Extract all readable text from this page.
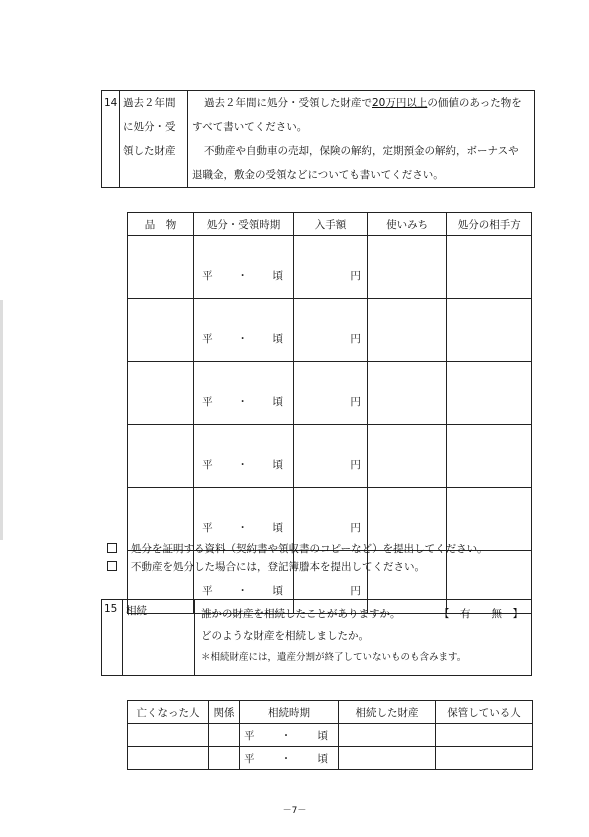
14	過去２年間
に処分・受
領した財産

過去２年間に処分・受領した財産で20万円以上の価値のあった物を
すべて書いてください。
不動産や自動車の売却，保険の解約，定期預金の解約，ボーナスや
退職金，敷金の受領などについても書いてください。
品　物	処分・受領時期	入手額	使いみち	処分の相手方

	平 ・ 頃	円		

	平 ・ 頃	円		

	平 ・ 頃	円		

	平 ・ 頃	円		

	平 ・ 頃	円		

	平 ・ 頃	円		
処分を証明する資料（契約書や領収書のコピーなど）を提出してください。
不動産を処分した場合には，登記簿謄本を提出してください。
15	相続	誰かの財産を相続したことがありますか。	【　有　　無　】
どのような財産を相続しましたか。
＊相続財産には，遺産分割が終了していないものも含みます。
亡くなった人	関係	相続時期	相続した財産	保管している人

		平 ・ 頃		

		平 ・ 頃		

－7－
